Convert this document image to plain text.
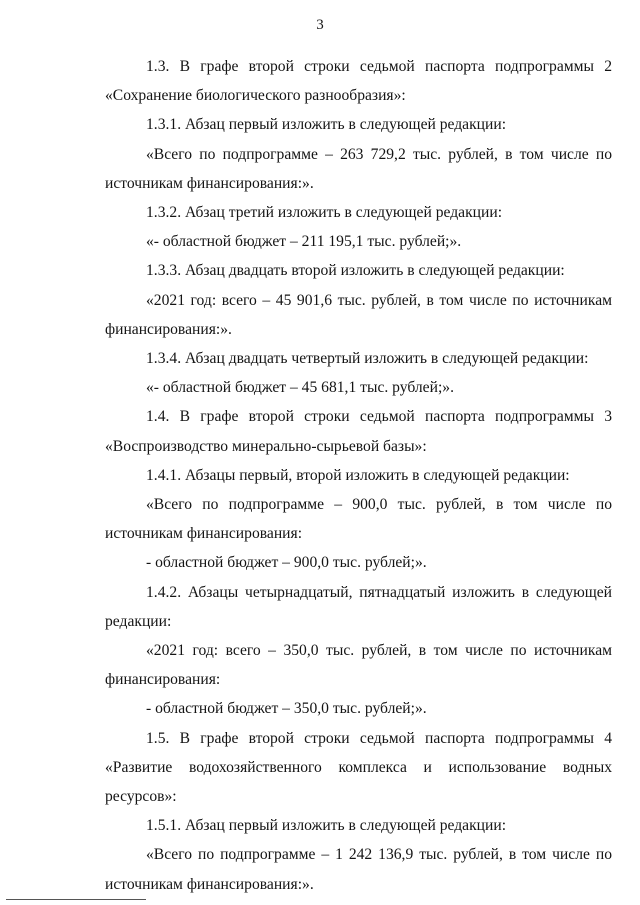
3

1.3. В графе второй строки седьмой паспорта подпрограммы 2 «Сохранение биологического разнообразия»:

1.3.1. Абзац первый изложить в следующей редакции:

«Всего по подпрограмме – 263 729,2 тыс. рублей, в том числе по источникам финансирования:».

1.3.2. Абзац третий изложить в следующей редакции:

«- областной бюджет – 211 195,1 тыс. рублей;».

1.3.3. Абзац двадцать второй изложить в следующей редакции:

«2021 год: всего – 45 901,6 тыс. рублей, в том числе по источникам финансирования:».

1.3.4. Абзац двадцать четвертый изложить в следующей редакции:

«- областной бюджет – 45 681,1 тыс. рублей;».

1.4. В графе второй строки седьмой паспорта подпрограммы 3 «Воспроизводство минерально-сырьевой базы»:

1.4.1. Абзацы первый, второй изложить в следующей редакции:

«Всего по подпрограмме – 900,0 тыс. рублей, в том числе по источникам финансирования:

- областной бюджет – 900,0 тыс. рублей;».

1.4.2. Абзацы четырнадцатый, пятнадцатый изложить в следующей редакции:

«2021 год: всего – 350,0 тыс. рублей, в том числе по источникам финансирования:

- областной бюджет – 350,0 тыс. рублей;».

1.5. В графе второй строки седьмой паспорта подпрограммы 4 «Развитие водохозяйственного комплекса и использование водных ресурсов»:

1.5.1. Абзац первый изложить в следующей редакции:

«Всего по подпрограмме – 1 242 136,9 тыс. рублей, в том числе по источникам финансирования:».
